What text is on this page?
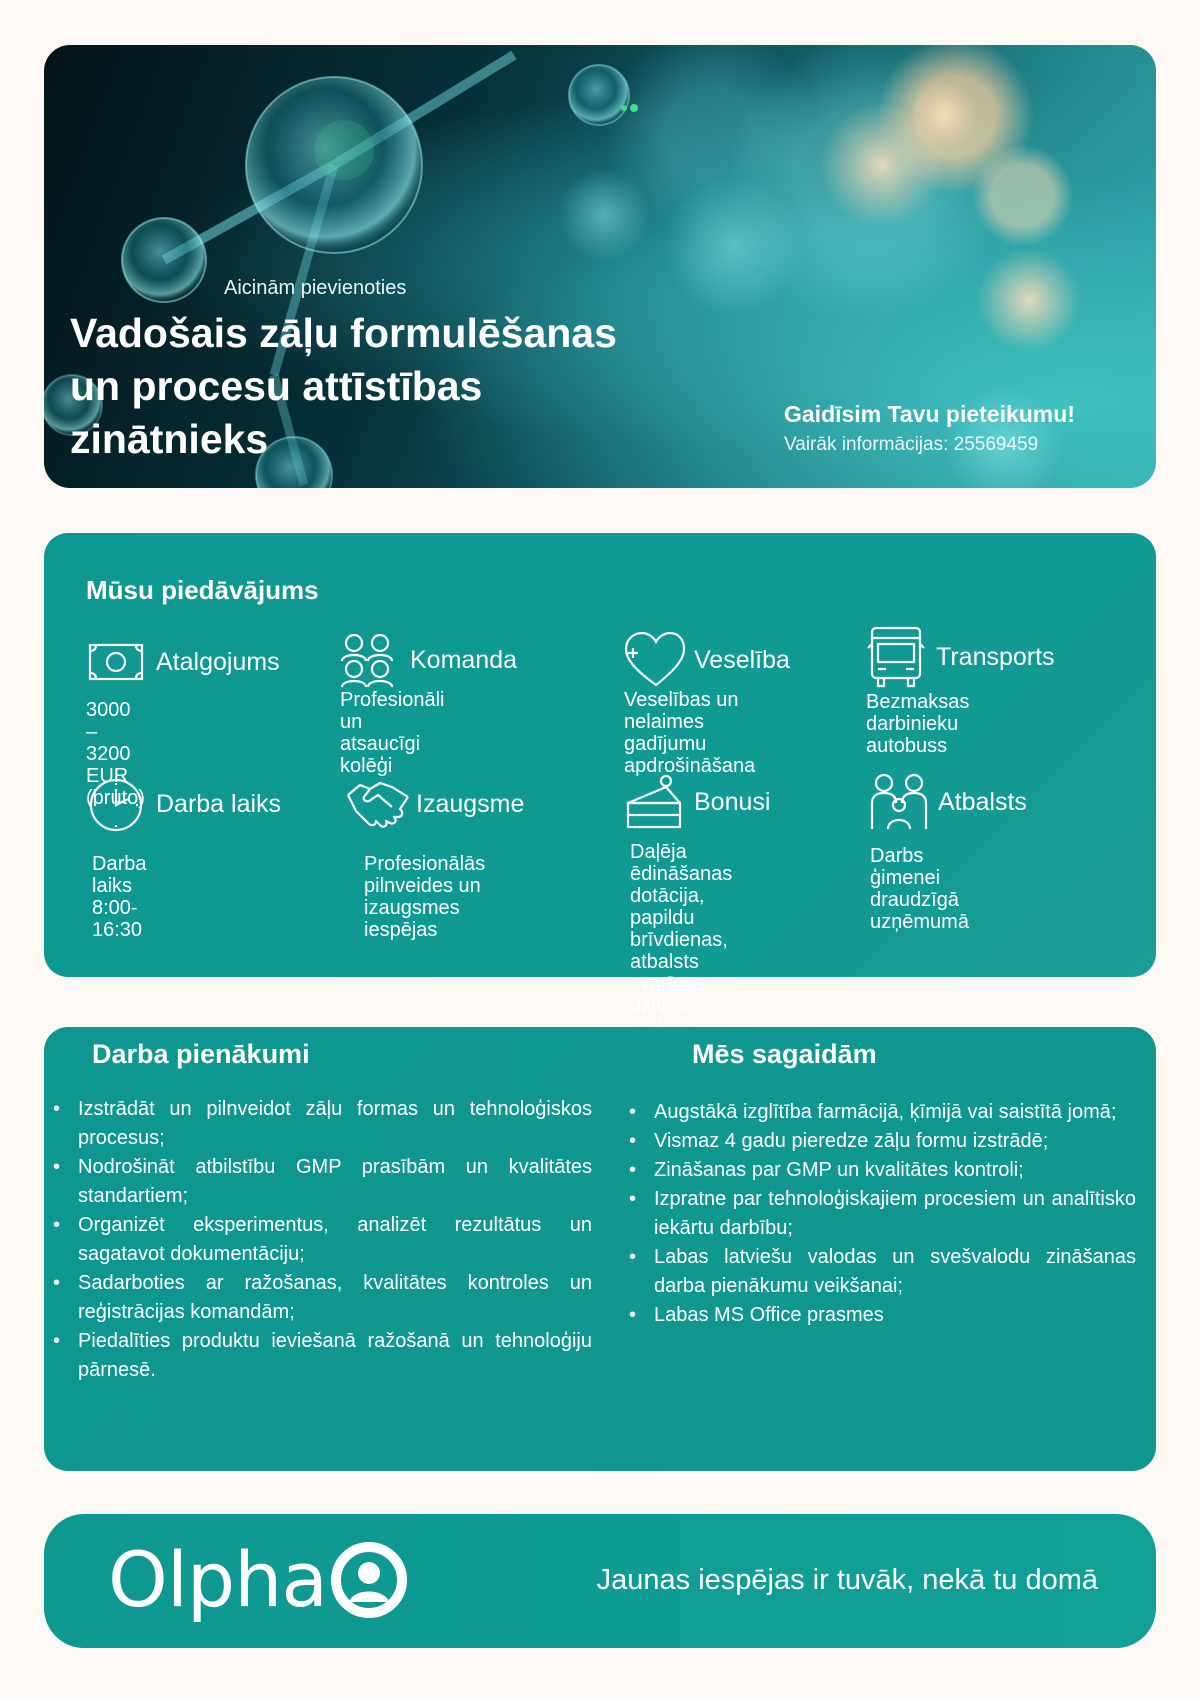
Aicinām pievienoties
Vadošais zāļu formulēšanas
un procesu attīstības
zinātnieks
Gaidīsim Tavu pieteikumu!
Vairāk informācijas: 25569459
Mūsu piedāvājums
Atalgojums
3000 – 3200 EUR
(bruto)
Komanda
Profesionāli un atsaucīgi
kolēģi
Veselība
Veselības un nelaimes
gadījumu
apdrošināšana
Transports
Bezmaksas darbinieku
autobuss
Darba laiks
Darba laiks 8:00-16:30
Izaugsme
Profesionālās
pilnveides un
izaugsmes iespējas
Bonusi
Daļēja ēdināšanas
dotācija, papildu
brīvdienas, atbalsts
svarīgos dzīves
Atbalsts
Darbs ģimenei draudzīgā
uzņēmumā
Darba pienākumi
• Izstrādāt un pilnveidot zāļu formas un tehnoloģiskos procesus;
• Nodrošināt atbilstību GMP prasībām un kvalitātes standartiem;
• Organizēt eksperimentus, analizēt rezultātus un sagatavot dokumentāciju;
• Sadarboties ar ražošanas, kvalitātes kontroles un reģistrācijas komandām;
• Piedalīties produktu ieviešanā ražošanā un tehnoloģiju pārnesē.
Mēs sagaidām
• Augstākā izglītība farmācijā, ķīmijā vai saistītā jomā;
• Vismaz 4 gadu pieredze zāļu formu izstrādē;
• Zināšanas par GMP un kvalitātes kontroli;
• Izpratne par tehnoloģiskajiem procesiem un analītisko iekārtu darbību;
• Labas latviešu valodas un svešvalodu zināšanas darba pienākumu veikšanai;
• Labas MS Office prasmes
Olpha	Jaunas iespējas ir tuvāk, nekā tu domā
